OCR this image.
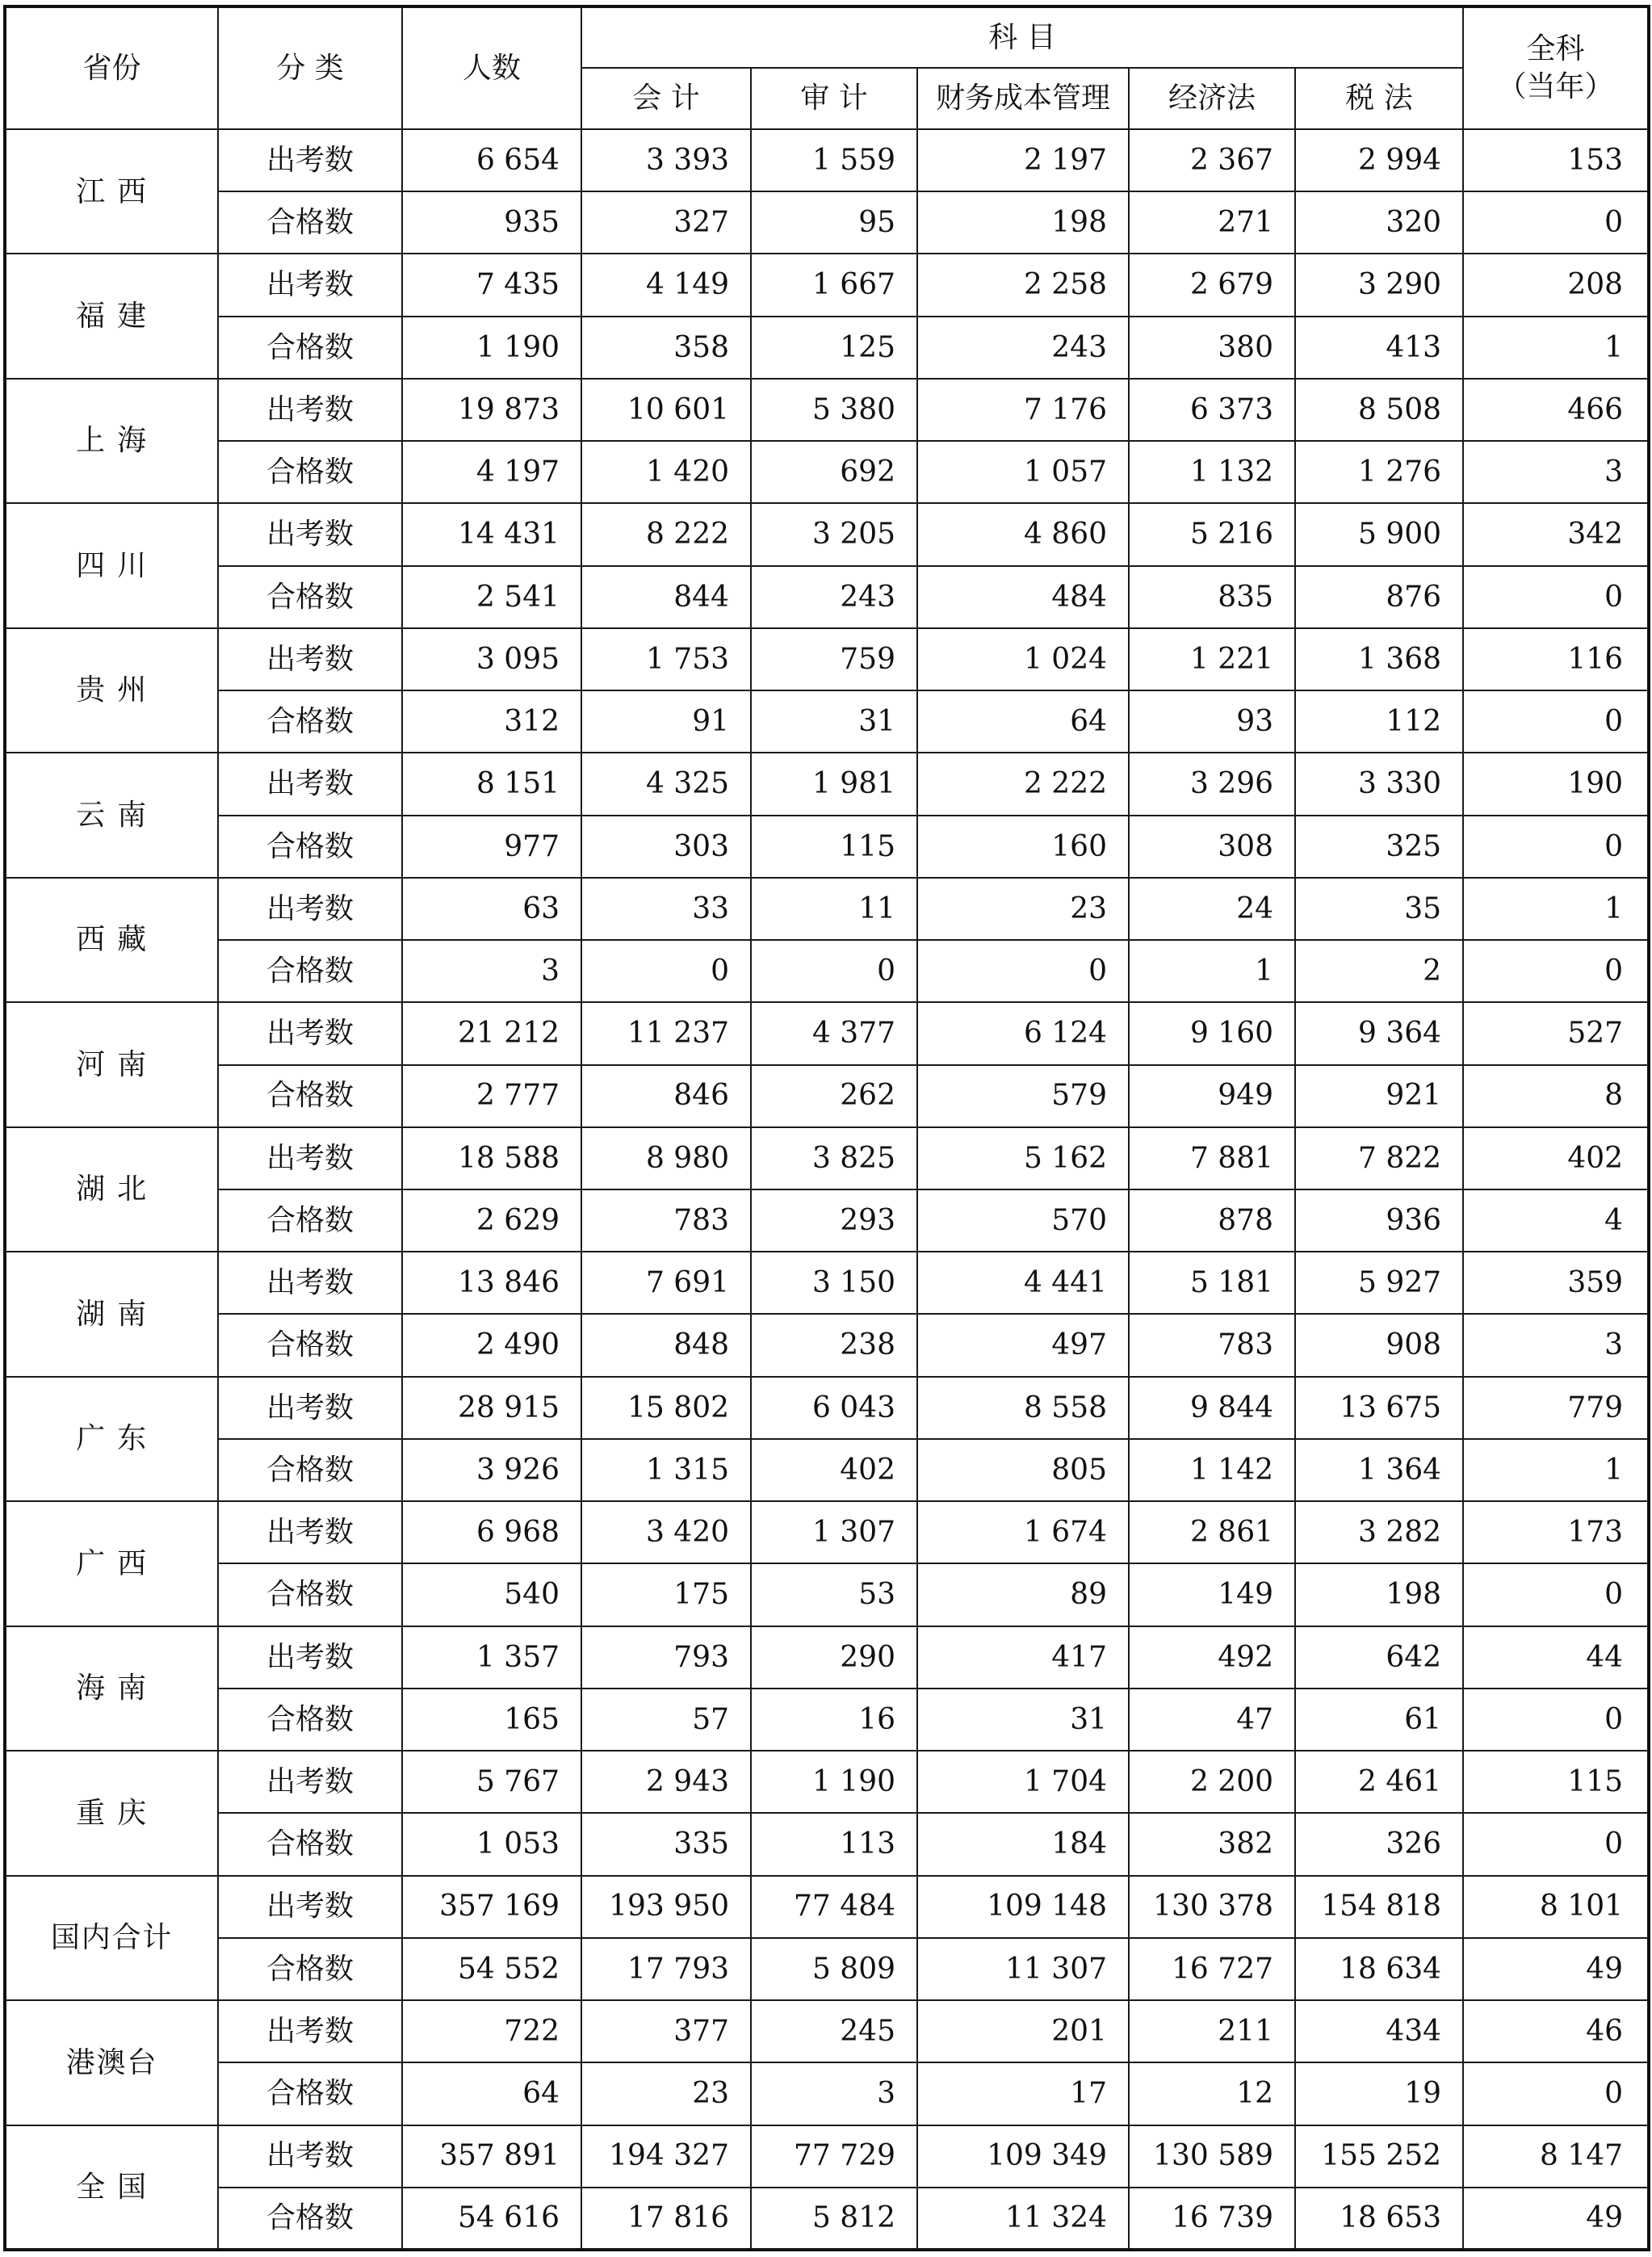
省份	分 类	人数	科 目					全科
（当年）

			会 计	审 计	财务成本管理	经济法	税 法	
江 西	出考数	6 654	3 393	1 559	2 197	2 367	2 994	153
	合格数	935	327	95	198	271	320	0
福 建	出考数	7 435	4 149	1 667	2 258	2 679	3 290	208
	合格数	1 190	358	125	243	380	413	1
上 海	出考数	19 873	10 601	5 380	7 176	6 373	8 508	466
	合格数	4 197	1 420	692	1 057	1 132	1 276	3
四 川	出考数	14 431	8 222	3 205	4 860	5 216	5 900	342
	合格数	2 541	844	243	484	835	876	0
贵 州	出考数	3 095	1 753	759	1 024	1 221	1 368	116
	合格数	312	91	31	64	93	112	0
云 南	出考数	8 151	4 325	1 981	2 222	3 296	3 330	190
	合格数	977	303	115	160	308	325	0
西 藏	出考数	63	33	11	23	24	35	1
	合格数	3	0	0	0	1	2	0
河 南	出考数	21 212	11 237	4 377	6 124	9 160	9 364	527
	合格数	2 777	846	262	579	949	921	8
湖 北	出考数	18 588	8 980	3 825	5 162	7 881	7 822	402
	合格数	2 629	783	293	570	878	936	4
湖 南	出考数	13 846	7 691	3 150	4 441	5 181	5 927	359
	合格数	2 490	848	238	497	783	908	3
广 东	出考数	28 915	15 802	6 043	8 558	9 844	13 675	779
	合格数	3 926	1 315	402	805	1 142	1 364	1
广 西	出考数	6 968	3 420	1 307	1 674	2 861	3 282	173
	合格数	540	175	53	89	149	198	0
海 南	出考数	1 357	793	290	417	492	642	44
	合格数	165	57	16	31	47	61	0
重 庆	出考数	5 767	2 943	1 190	1 704	2 200	2 461	115
	合格数	1 053	335	113	184	382	326	0
国内合计	出考数	357 169	193 950	77 484	109 148	130 378	154 818	8 101
	合格数	54 552	17 793	5 809	11 307	16 727	18 634	49
港澳台	出考数	722	377	245	201	211	434	46
	合格数	64	23	3	17	12	19	0
全 国	出考数	357 891	194 327	77 729	109 349	130 589	155 252	8 147
	合格数	54 616	17 816	5 812	11 324	16 739	18 653	49
